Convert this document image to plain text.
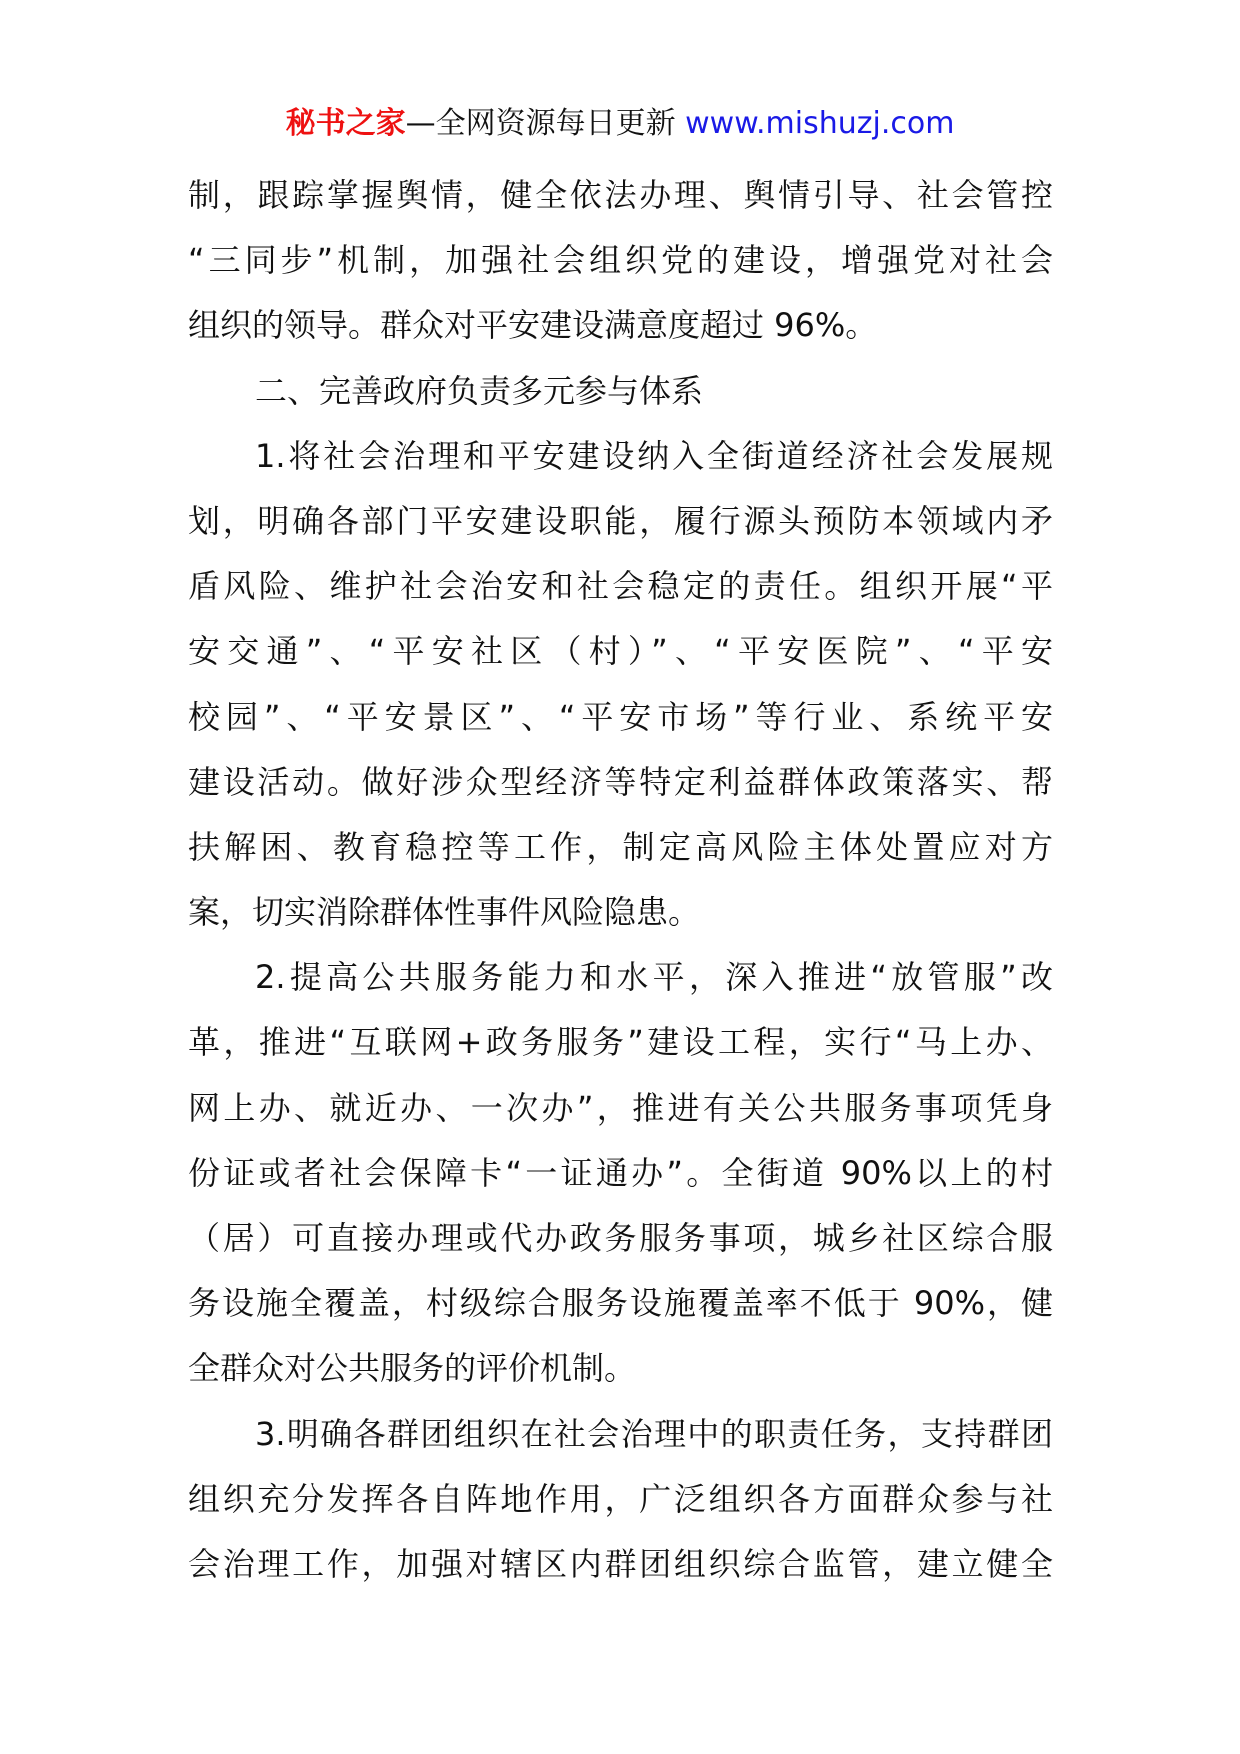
秘书之家—全网资源每日更新 www.mishuzj.com
制，跟踪掌握舆情，健全依法办理、舆情引导、社会管控
“三同步”机制，加强社会组织党的建设，增强党对社会
组织的领导。群众对平安建设满意度超过 96%。
二、完善政府负责多元参与体系
1.将社会治理和平安建设纳入全街道经济社会发展规
划，明确各部门平安建设职能，履行源头预防本领域内矛
盾风险、维护社会治安和社会稳定的责任。组织开展“平
安交通”、“平安社区（村）”、“平安医院”、“平安
校园”、“平安景区”、“平安市场”等行业、系统平安
建设活动。做好涉众型经济等特定利益群体政策落实、帮
扶解困、教育稳控等工作，制定高风险主体处置应对方
案，切实消除群体性事件风险隐患。
2.提高公共服务能力和水平，深入推进“放管服”改
革，推进“互联网+政务服务”建设工程，实行“马上办、
网上办、就近办、一次办”，推进有关公共服务事项凭身
份证或者社会保障卡“一证通办”。全街道 90%以上的村
（居）可直接办理或代办政务服务事项，城乡社区综合服
务设施全覆盖，村级综合服务设施覆盖率不低于 90%，健
全群众对公共服务的评价机制。
3.明确各群团组织在社会治理中的职责任务，支持群团
组织充分发挥各自阵地作用，广泛组织各方面群众参与社
会治理工作，加强对辖区内群团组织综合监管，建立健全
